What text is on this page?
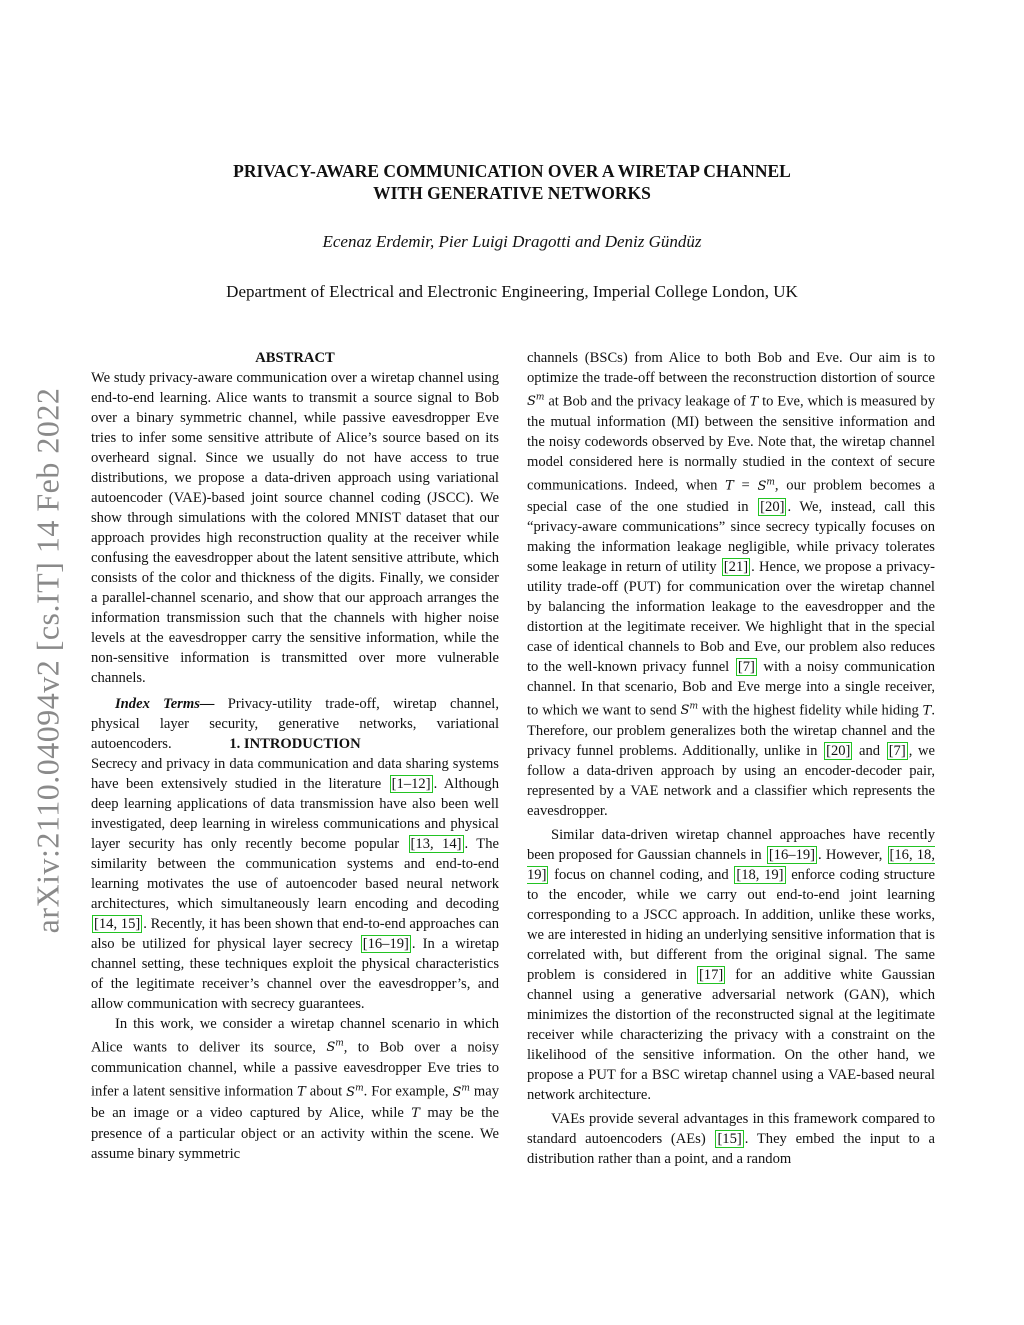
arXiv:2110.04094v2 [cs.IT] 14 Feb 2022
PRIVACY-AWARE COMMUNICATION OVER A WIRETAP CHANNEL
WITH GENERATIVE NETWORKS
Ecenaz Erdemir, Pier Luigi Dragotti and Deniz Gündüz
Department of Electrical and Electronic Engineering, Imperial College London, UK
ABSTRACT

We study privacy-aware communication over a wiretap channel using end-to-end learning. Alice wants to transmit a source signal to Bob over a binary symmetric channel, while passive eavesdropper Eve tries to infer some sensitive attribute of Alice’s source based on its overheard signal. Since we usually do not have access to true distributions, we propose a data-driven approach using variational autoencoder (VAE)-based joint source channel coding (JSCC). We show through simulations with the colored MNIST dataset that our approach provides high reconstruction quality at the receiver while confusing the eavesdropper about the latent sensitive attribute, which consists of the color and thickness of the digits. Finally, we consider a parallel-channel scenario, and show that our approach arranges the information transmission such that the channels with higher noise levels at the eavesdropper carry the sensitive information, while the non-sensitive information is transmitted over more vulnerable channels.

Index Terms— Privacy-utility trade-off, wiretap channel, physical layer security, generative networks, variational autoencoders.	1. INTRODUCTION

Secrecy and privacy in data communication and data sharing systems have been extensively studied in the literature [1–12] . Although deep learning applications of data transmission have also been well investigated, deep learning in wireless communications and physical layer security has only recently become popular [13, 14] . The similarity between the communication systems and end-to-end learning motivates the use of autoencoder based neural network architectures, which simultaneously learn encoding and decoding [14, 15] . Recently, it has been shown that end-to-end approaches can also be utilized for physical layer secrecy [16–19] . In a wiretap channel setting, these techniques exploit the physical characteristics of the legitimate receiver’s channel over the eavesdropper’s, and allow communication with secrecy guarantees.

In this work, we consider a wiretap channel scenario in which Alice wants to deliver its source, $S^m$, to Bob over a noisy communication channel, while a passive eavesdropper Eve tries to infer a latent sensitive information T about $S^m$. For example, $S^m$ may be an image or a video captured by Alice, while T may be the presence of a particular object or an activity within the scene. We assume binary symmetric

channels (BSCs) from Alice to both Bob and Eve. Our aim is to optimize the trade-off between the reconstruction distortion of source $S^m$ at Bob and the privacy leakage of T to Eve, which is measured by the mutual information (MI) between the sensitive information and the noisy codewords observed by Eve. Note that, the wiretap channel model considered here is normally studied in the context of secure communications. Indeed, when $T = S^m$, our problem becomes a special case of the one studied in [20] . We, instead, call this “privacy-aware communications” since secrecy typically focuses on making the information leakage negligible, while privacy tolerates some leakage in return of utility [21] . Hence, we propose a privacy-utility trade-off (PUT) for communication over the wiretap channel by balancing the information leakage to the eavesdropper and the distortion at the legitimate receiver. We highlight that in the special case of identical channels to Bob and Eve, our problem also reduces to the well-known privacy funnel [7] with a noisy communication channel. In that scenario, Bob and Eve merge into a single receiver, to which we want to send $S^m$ with the highest fidelity while hiding T. Therefore, our problem generalizes both the wiretap channel and the privacy funnel problems. Additionally, unlike in [20] and [7] , we follow a data-driven approach by using an encoder-decoder pair, represented by a VAE network and a classifier which represents the eavesdropper.

Similar data-driven wiretap channel approaches have recently been proposed for Gaussian channels in [16–19] . However, [16, 18, 19] focus on channel coding, and [18, 19] enforce coding structure to the encoder, while we carry out end-to-end joint learning corresponding to a JSCC approach. In addition, unlike these works, we are interested in hiding an underlying sensitive information that is correlated with, but different from the original signal. The same problem is considered in [17] for an additive white Gaussian channel using a generative adversarial network (GAN), which minimizes the distortion of the reconstructed signal at the legitimate receiver while characterizing the privacy with a constraint on the likelihood of the sensitive information. On the other hand, we propose a PUT for a BSC wiretap channel using a VAE-based neural network architecture.

VAEs provide several advantages in this framework compared to standard autoencoders (AEs) [15] . They embed the input to a distribution rather than a point, and a random
